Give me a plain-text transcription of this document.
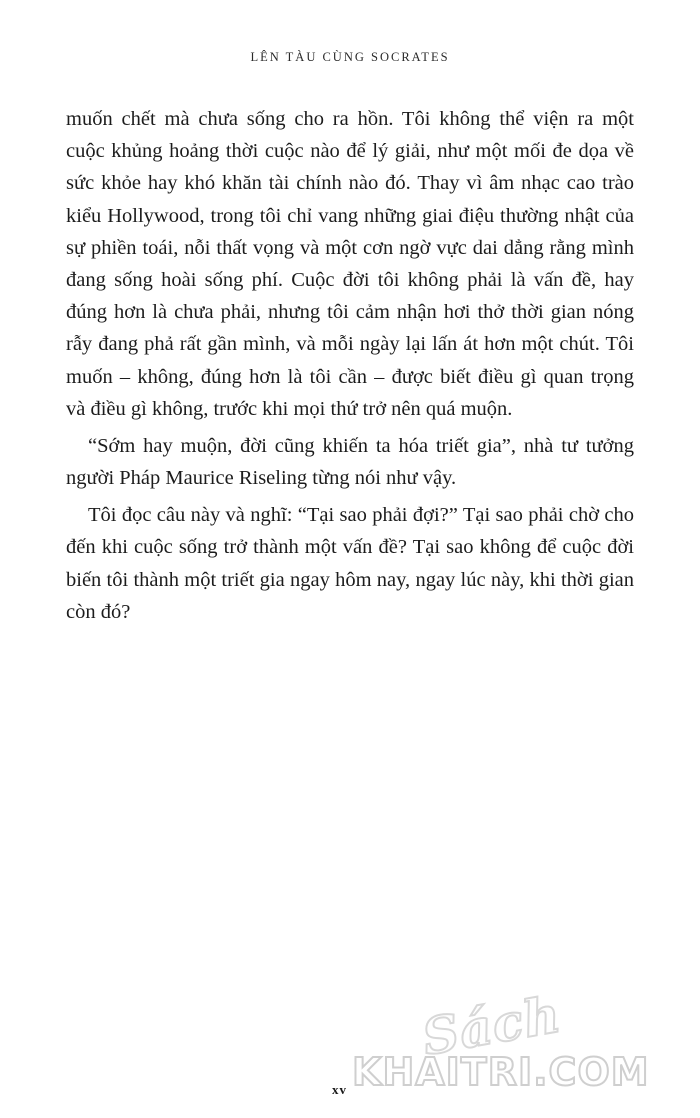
LÊN TÀU CÙNG SOCRATES
muốn chết mà chưa sống cho ra hồn. Tôi không thể viện ra một
cuộc khủng hoảng thời cuộc nào để lý giải, như một mối đe dọa về
sức khỏe hay khó khăn tài chính nào đó. Thay vì âm nhạc cao trào
kiểu Hollywood, trong tôi chỉ vang những giai điệu thường nhật của
sự phiền toái, nỗi thất vọng và một cơn ngờ vực dai dẳng rằng mình
đang sống hoài sống phí. Cuộc đời tôi không phải là vấn đề, hay
đúng hơn là chưa phải, nhưng tôi cảm nhận hơi thở thời gian nóng
rẫy đang phả rất gần mình, và mỗi ngày lại lấn át hơn một chút. Tôi
muốn – không, đúng hơn là tôi cần – được biết điều gì quan trọng
và điều gì không, trước khi mọi thứ trở nên quá muộn.
“Sớm hay muộn, đời cũng khiến ta hóa triết gia”, nhà tư tưởng
người Pháp Maurice Riseling từng nói như vậy.
Tôi đọc câu này và nghĩ: “Tại sao phải đợi?” Tại sao phải chờ cho
đến khi cuộc sống trở thành một vấn đề? Tại sao không để cuộc đời
biến tôi thành một triết gia ngay hôm nay, ngay lúc này, khi thời gian
còn đó?
xv
Sách
KHAITRI.COM
